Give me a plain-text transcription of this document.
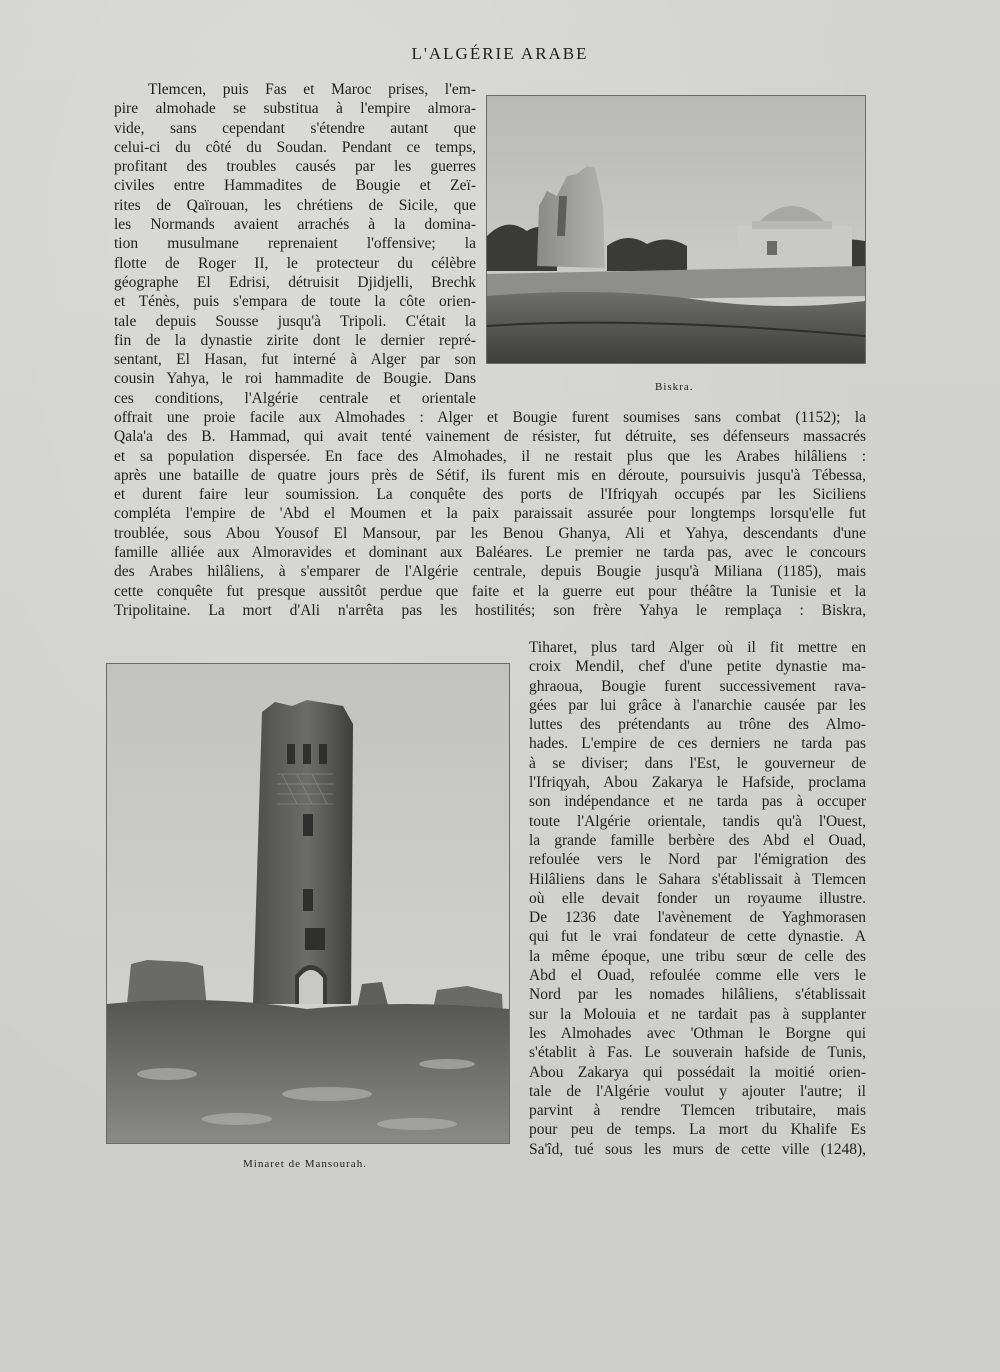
L'ALGÉRIE ARABE
Tlemcen, puis Fas et Maroc prises, l'em-
pire almohade se substitua à l'empire almora-
vide, sans cependant s'étendre autant que
celui-ci du côté du Soudan. Pendant ce temps,
profitant des troubles causés par les guerres
civiles entre Hammadites de Bougie et Zeï-
rites de Qaïrouan, les chrétiens de Sicile, que
les Normands avaient arrachés à la domina-
tion musulmane reprenaient l'offensive; la
flotte de Roger II, le protecteur du célèbre
géographe El Edrisi, détruisit Djidjelli, Brechk
et Ténès, puis s'empara de toute la côte orien-
tale depuis Sousse jusqu'à Tripoli. C'était la
fin de la dynastie zirite dont le dernier repré-
sentant, El Hasan, fut interné à Alger par son
cousin Yahya, le roi hammadite de Bougie. Dans
ces conditions, l'Algérie centrale et orientale
Biskra.
offrait une proie facile aux Almohades : Alger et Bougie furent soumises sans combat (1152); la
Qala'a des B. Hammad, qui avait tenté vainement de résister, fut détruite, ses défenseurs massacrés
et sa population dispersée. En face des Almohades, il ne restait plus que les Arabes hilâliens :
après une bataille de quatre jours près de Sétif, ils furent mis en déroute, poursuivis jusqu'à Tébessa,
et durent faire leur soumission. La conquête des ports de l'Ifriqyah occupés par les Siciliens
compléta l'empire de 'Abd el Moumen et la paix paraissait assurée pour longtemps lorsqu'elle fut
troublée, sous Abou Yousof El Mansour, par les Benou Ghanya, Ali et Yahya, descendants d'une
famille alliée aux Almoravides et dominant aux Baléares. Le premier ne tarda pas, avec le concours
des Arabes hilâliens, à s'emparer de l'Algérie centrale, depuis Bougie jusqu'à Miliana (1185), mais
cette conquête fut presque aussitôt perdue que faite et la guerre eut pour théâtre la Tunisie et la
Tripolitaine. La mort d'Ali n'arrêta pas les hostilités; son frère Yahya le remplaça : Biskra,
Minaret de Mansourah.
Tiharet, plus tard Alger où il fit mettre en
croix Mendil, chef d'une petite dynastie ma-
ghraoua, Bougie furent successivement rava-
gées par lui grâce à l'anarchie causée par les
luttes des prétendants au trône des Almo-
hades. L'empire de ces derniers ne tarda pas
à se diviser; dans l'Est, le gouverneur de
l'Ifriqyah, Abou Zakarya le Hafside, proclama
son indépendance et ne tarda pas à occuper
toute l'Algérie orientale, tandis qu'à l'Ouest,
la grande famille berbère des Abd el Ouad,
refoulée vers le Nord par l'émigration des
Hilâliens dans le Sahara s'établissait à Tlemcen
où elle devait fonder un royaume illustre.
De 1236 date l'avènement de Yaghmorasen
qui fut le vrai fondateur de cette dynastie. A
la même époque, une tribu sœur de celle des
Abd el Ouad, refoulée comme elle vers le
Nord par les nomades hilâliens, s'établissait
sur la Molouia et ne tardait pas à supplanter
les Almohades avec 'Othman le Borgne qui
s'établit à Fas. Le souverain hafside de Tunis,
Abou Zakarya qui possédait la moitié orien-
tale de l'Algérie voulut y ajouter l'autre; il
parvint à rendre Tlemcen tributaire, mais
pour peu de temps. La mort du Khalife Es
Sa'îd, tué sous les murs de cette ville (1248),
